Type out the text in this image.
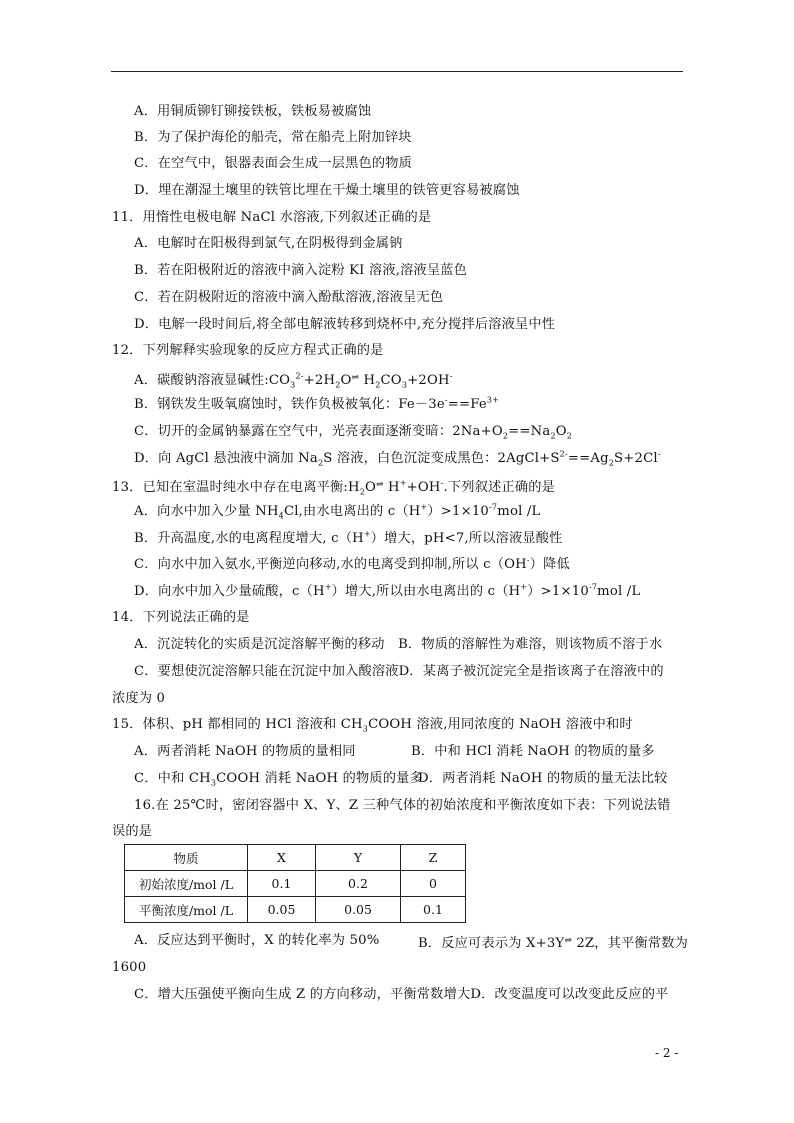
A．用铜质铆钉铆接铁板，铁板易被腐蚀
B．为了保护海伦的船壳，常在船壳上附加锌块
C．在空气中，银器表面会生成一层黑色的物质
D．埋在潮湿土壤里的铁管比埋在干燥土壤里的铁管更容易被腐蚀
11．用惰性电极电解 NaCl 水溶液,下列叙述正确的是
A．电解时在阳极得到氯气,在阴极得到金属钠
B．若在阳极附近的溶液中滴入淀粉 KI 溶液,溶液呈蓝色
C．若在阴极附近的溶液中滴入酚酞溶液,溶液呈无色
D．电解一段时间后,将全部电解液转移到烧杯中,充分搅拌后溶液呈中性
12．下列解释实验现象的反应方程式正确的是
A．碳酸钠溶液显碱性$:CO_3^{2-}+2H_2O$ ⇌ $H_2CO_3+2OH^-$
B．钢铁发生吸氧腐蚀时，铁作负极被氧化：$Fe-3e^-==Fe^{3+}$
C．切开的金属钠暴露在空气中，光亮表面逐渐变暗：$2Na+O_2==Na_2O_2$
D．向 AgCl 悬浊液中滴加 $Na_2S$ 溶液，白色沉淀变成黑色：$2AgCl+S^{2-}==Ag_2S+2Cl^-$
13．已知在室温时纯水中存在电离平衡$:H_2O$ ⇌ H++OH-.下列叙述正确的是
A．向水中加入少量 $NH_4Cl$,由水电离出的 $c(H^+)>1\times 10^{-7}mol$ /L
B．升高温度,水的电离程度增大, c（H+）增大，pH<7,所以溶液显酸性
C．向水中加入氨水,平衡逆向移动,水的电离受到抑制,所以 c（OH-）降低
D．向水中加入少量硫酸，c（H+）增大,所以由水电离出的 $c(H^+)>1\times 10^{-7}mol$ /L
14．下列说法正确的是
A．沉淀转化的实质是沉淀溶解平衡的移动　B．物质的溶解性为难溶，则该物质不溶于水
C．要想使沉淀溶解只能在沉淀中加入酸溶液D．某离子被沉淀完全是指该离子在溶液中的
浓度为 0
15．体积、pH 都相同的 HCl 溶液和 $CH_3COOH$ 溶液,用同浓度的 NaOH 溶液中和时
A．两者消耗 NaOH 的物质的量相同	B．中和 HCl 消耗 NaOH 的物质的量多
C．中和 $CH_3COOH$ 消耗 NaOH 的物质的量多
D．两者消耗 NaOH 的物质的量无法比较
16.在 25℃时，密闭容器中 X、Y、Z 三种气体的初始浓度和平衡浓度如下表：下列说法错
误的是
物质	X	Y	Z
初始浓度/mol /L	0.1	0.2	0
平衡浓度/mol /L	0.05	0.05	0.1
A．反应达到平衡时，X 的转化率为 50%	B．反应可表示为 X+3Y ⇌ 2Z，其平衡常数为
1600
C．增大压强使平衡向生成 Z 的方向移动，平衡常数增大D．改变温度可以改变此反应的平
- 2 -
